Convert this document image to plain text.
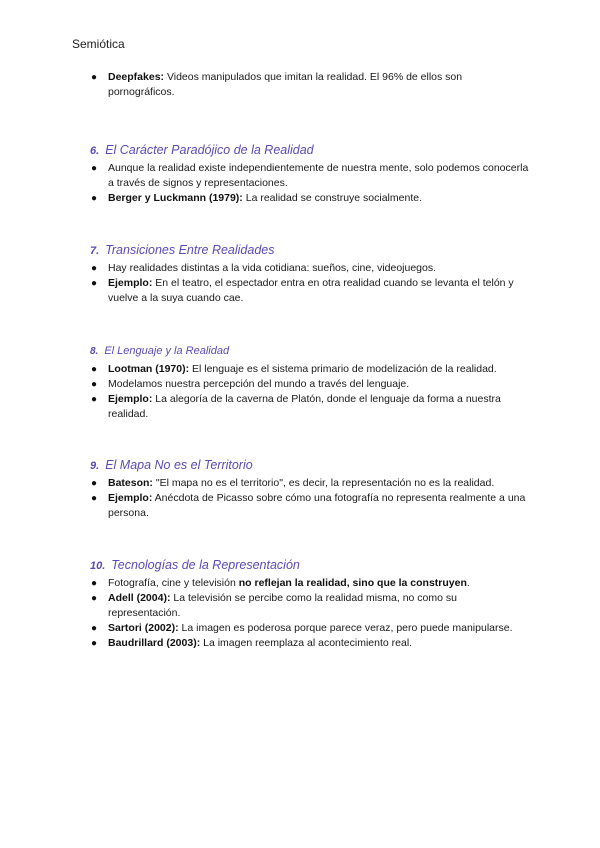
Semiótica
● Deepfakes: Videos manipulados que imitan la realidad. El 96% de ellos son pornográficos.
6. El Carácter Paradójico de la Realidad
● Aunque la realidad existe independientemente de nuestra mente, solo podemos conocerla a través de signos y representaciones.
● Berger y Luckmann (1979): La realidad se construye socialmente.
7. Transiciones Entre Realidades
● Hay realidades distintas a la vida cotidiana: sueños, cine, videojuegos.
● Ejemplo: En el teatro, el espectador entra en otra realidad cuando se levanta el telón y vuelve a la suya cuando cae.
8. El Lenguaje y la Realidad
● Lootman (1970): El lenguaje es el sistema primario de modelización de la realidad.
● Modelamos nuestra percepción del mundo a través del lenguaje.
● Ejemplo: La alegoría de la caverna de Platón, donde el lenguaje da forma a nuestra realidad.
9. El Mapa No es el Territorio
● Bateson: "El mapa no es el territorio", es decir, la representación no es la realidad.
● Ejemplo: Anécdota de Picasso sobre cómo una fotografía no representa realmente a una persona.
10. Tecnologías de la Representación
● Fotografía, cine y televisión no reflejan la realidad, sino que la construyen.
● Adell (2004): La televisión se percibe como la realidad misma, no como su representación.
● Sartori (2002): La imagen es poderosa porque parece veraz, pero puede manipularse.
● Baudrillard (2003): La imagen reemplaza al acontecimiento real.
